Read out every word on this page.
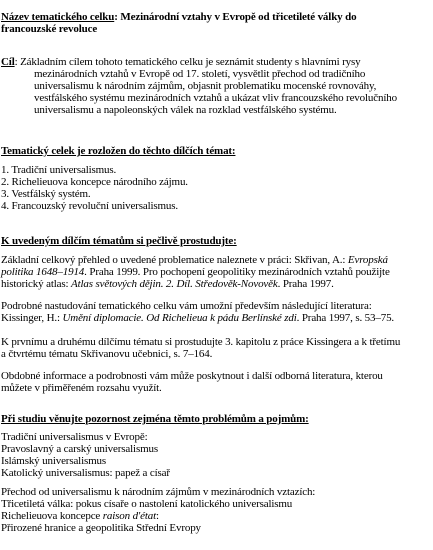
Název tematického celku: Mezinárodní vztahy v Evropě od třicetileté války do
francouzské revoluce
Cíl: Základním cílem tohoto tematického celku je seznámit studenty s hlavními rysy
mezinárodních vztahů v Evropě od 17. století, vysvětlit přechod od tradičního
universalismu k národním zájmům, objasnit problematiku mocenské rovnováhy,
vestfálského systému mezinárodních vztahů a ukázat vliv francouzského revolučního
universalismu a napoleonských válek na rozklad vestfálského systému.
Tematický celek je rozložen do těchto dílčích témat:
1. Tradiční universalismus.
2. Richelieuova koncepce národního zájmu.
3. Vestfálský systém.
4. Francouzský revoluční universalismus.
K uvedeným dílčím tématům si pečlivě prostudujte:
Základní celkový přehled o uvedené problematice naleznete v práci: Skřivan, A.: Evropská
politika 1648–1914. Praha 1999. Pro pochopení geopolitiky mezinárodních vztahů použijte
historický atlas: Atlas světových dějin. 2. Díl. Středověk-Novověk. Praha 1997.
Podrobné nastudování tematického celku vám umožní především následující literatura:
Kissinger, H.: Umění diplomacie. Od Richelieua k pádu Berlínské zdi. Praha 1997, s. 53–75.
K prvnímu a druhému dílčímu tématu si prostudujte 3. kapitolu z práce Kissingera a k třetímu
a čtvrtému tématu Skřivanovu učebnici, s. 7–164.
Obdobné informace a podrobnosti vám může poskytnout i další odborná literatura, kterou
můžete v přiměřeném rozsahu využít.
Při studiu věnujte pozornost zejména těmto problémům a pojmům:
Tradiční universalismus v Evropě:
Pravoslavný a carský universalismus
Islámský universalismus
Katolický universalismus: papež a císař
Přechod od universalismu k národním zájmům v mezinárodních vztazích:
Třicetiletá válka: pokus císaře o nastolení katolického universalismu
Richelieuova koncepce raison d'état:
Přirozené hranice a geopolitika Střední Evropy
